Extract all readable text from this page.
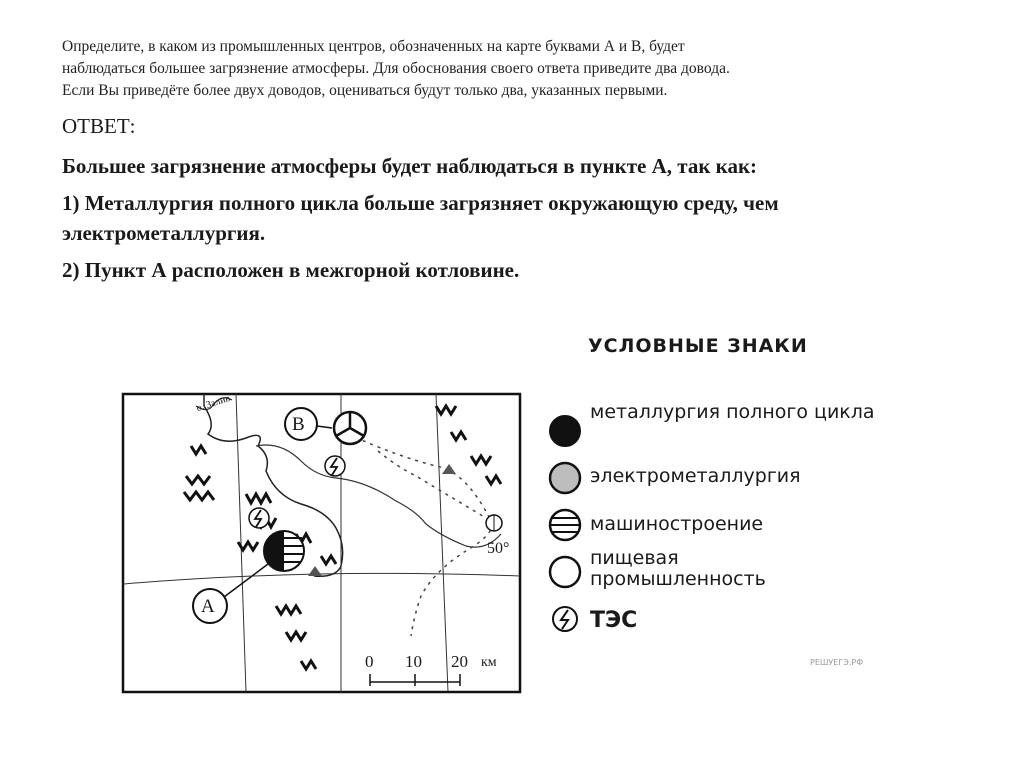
Определите, в каком из промышленных центров, обозначенных на карте буквами А и В, будет
наблюдаться большее загрязнение атмосферы. Для обоснования своего ответа приведите два довода.
Если Вы приведёте более двух доводов, оцениваться будут только два, указанных первыми.
ОТВЕТ:
Большее загрязнение атмосферы будет наблюдаться в пункте А, так как:
1) Металлургия полного цикла больше загрязняет окружающую среду, чем электрометаллургия.
2) Пункт А расположен в межгорной котловине.
В
А
о. Залив
50°
0 10 20 км	РЕШУЕГЭ.РФ
УСЛОВНЫЕ ЗНАКИ
металлургия полного цикла
электрометаллургия
машиностроение
пищевая промышленность
ТЭС
